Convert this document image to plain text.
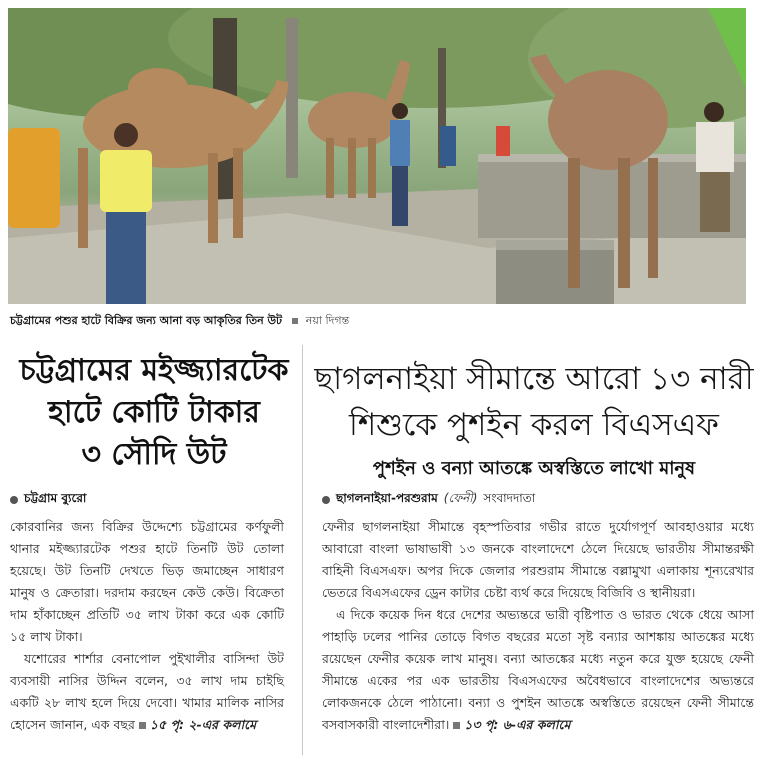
চট্টগ্রামের পশুর হাটে বিক্রির জন্য আনা বড় আকৃতির তিন উট নয়া দিগন্ত
চট্টগ্রামের মইজ্জ্যারটেক
হাটে কোটি টাকার
৩ সৌদি উট
চট্টগ্রাম ব্যুরো

কোরবানির জন্য বিক্রির উদ্দেশ্যে চট্টগ্রামের কর্ণফুলী থানার মইজ্জ্যারটেক পশুর হাটে তিনটি উট তোলা হয়েছে। উট তিনটি দেখতে ভিড় জমাচ্ছেন সাধারণ মানুষ ও ক্রেতারা। দরদাম করছেন কেউ কেউ। বিক্রেতা দাম হাঁকাচ্ছেন প্রতিটি ৩৫ লাখ টাকা করে এক কোটি ১৫ লাখ টাকা।

যশোরের শার্শার বেনাপোল পুইখালীর বাসিন্দা উট ব্যবসায়ী নাসির উদ্দিন বলেন, ৩৫ লাখ দাম চাইছি একটি ২৮ লাখ হলে দিয়ে দেবো। খামার মালিক নাসির হোসেন জানান, এক বছর ১৫ পৃ: ২-এর কলামে

ছাগলনাইয়া সীমান্তে আরো ১৩ নারী
শিশুকে পুশইন করল বিএসএফ
পুশইন ও বন্যা আতঙ্কে অস্বস্তিতে লাখো মানুষ
ছাগলনাইয়া-পরশুরাম (ফেনী) সংবাদদাতা

ফেনীর ছাগলনাইয়া সীমান্তে বৃহস্পতিবার গভীর রাতে দুর্যোগপূর্ণ আবহাওয়ার মধ্যে আবারো বাংলা ভাষাভাষী ১৩ জনকে বাংলাদেশে ঠেলে দিয়েছে ভারতীয় সীমান্তরক্ষী বাহিনী বিএসএফ। অপর দিকে জেলার পরশুরাম সীমান্তে বল্লামুখা এলাকায় শূন্যরেখার ভেতরে বিএসএফের ড্রেন কাটার চেষ্টা ব্যর্থ করে দিয়েছে বিজিবি ও স্থানীয়রা।

এ দিকে কয়েক দিন ধরে দেশের অভ্যন্তরে ভারী বৃষ্টিপাত ও ভারত থেকে ধেয়ে আসা পাহাড়ি ঢলের পানির তোড়ে বিগত বছরের মতো সৃষ্ট বন্যার আশঙ্কায় আতঙ্কের মধ্যে রয়েছেন ফেনীর কয়েক লাখ মানুষ। বন্যা আতঙ্কের মধ্যে নতুন করে যুক্ত হয়েছে ফেনী সীমান্তে একের পর এক ভারতীয় বিএসএফের অবৈধভাবে বাংলাদেশের অভ্যন্তরে লোকজনকে ঠেলে পাঠানো। বন্যা ও পুশইন আতঙ্কে অস্বস্তিতে রয়েছেন ফেনী সীমান্তে বসবাসকারী বাংলাদেশীরা। ১৩ পৃ: ৬-এর কলামে
